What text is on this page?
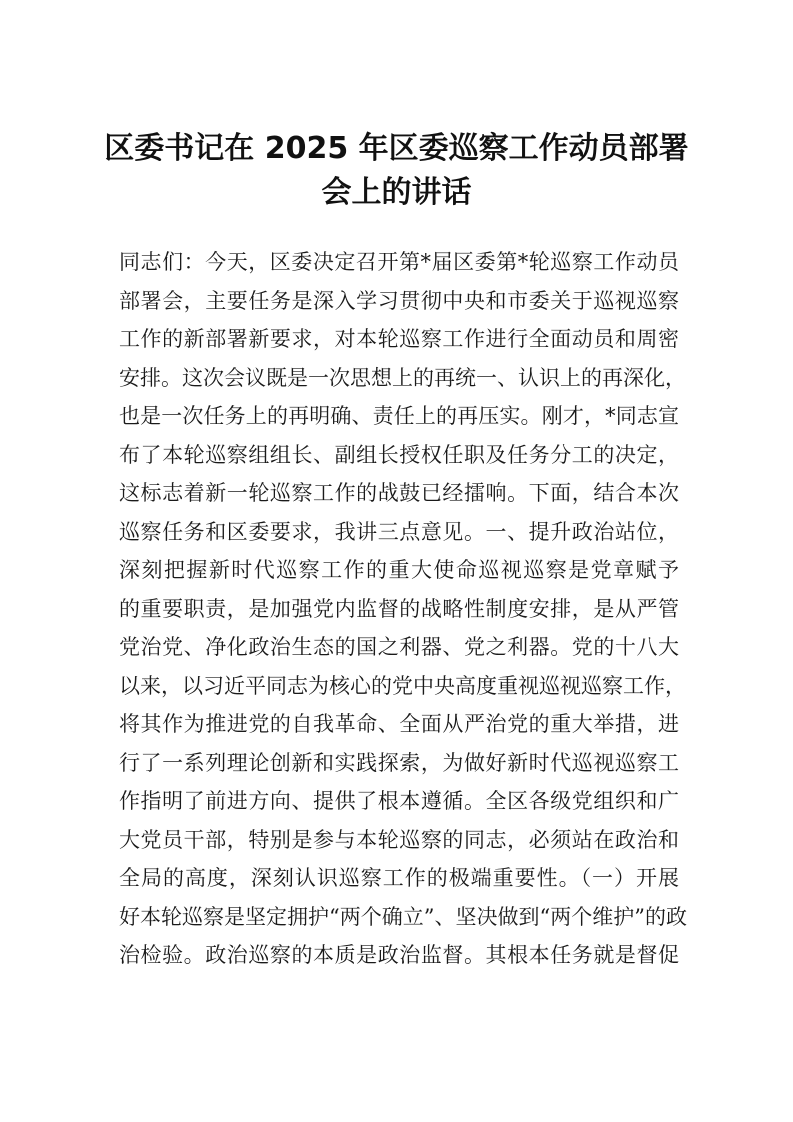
区委书记在 2025 年区委巡察工作动员部署
会上的讲话
同志们：今天，区委决定召开第*届区委第*轮巡察工作动员
部署会，主要任务是深入学习贯彻中央和市委关于巡视巡察
工作的新部署新要求，对本轮巡察工作进行全面动员和周密
安排。这次会议既是一次思想上的再统一、认识上的再深化，
也是一次任务上的再明确、责任上的再压实。刚才，*同志宣
布了本轮巡察组组长、副组长授权任职及任务分工的决定，
这标志着新一轮巡察工作的战鼓已经擂响。下面，结合本次
巡察任务和区委要求，我讲三点意见。一、提升政治站位，
深刻把握新时代巡察工作的重大使命巡视巡察是党章赋予
的重要职责，是加强党内监督的战略性制度安排，是从严管
党治党、净化政治生态的国之利器、党之利器。党的十八大
以来，以习近平同志为核心的党中央高度重视巡视巡察工作，
将其作为推进党的自我革命、全面从严治党的重大举措，进
行了一系列理论创新和实践探索，为做好新时代巡视巡察工
作指明了前进方向、提供了根本遵循。全区各级党组织和广
大党员干部，特别是参与本轮巡察的同志，必须站在政治和
全局的高度，深刻认识巡察工作的极端重要性。（一）开展
好本轮巡察是坚定拥护“两个确立”、坚决做到“两个维护”的政
治检验。政治巡察的本质是政治监督。其根本任务就是督促
